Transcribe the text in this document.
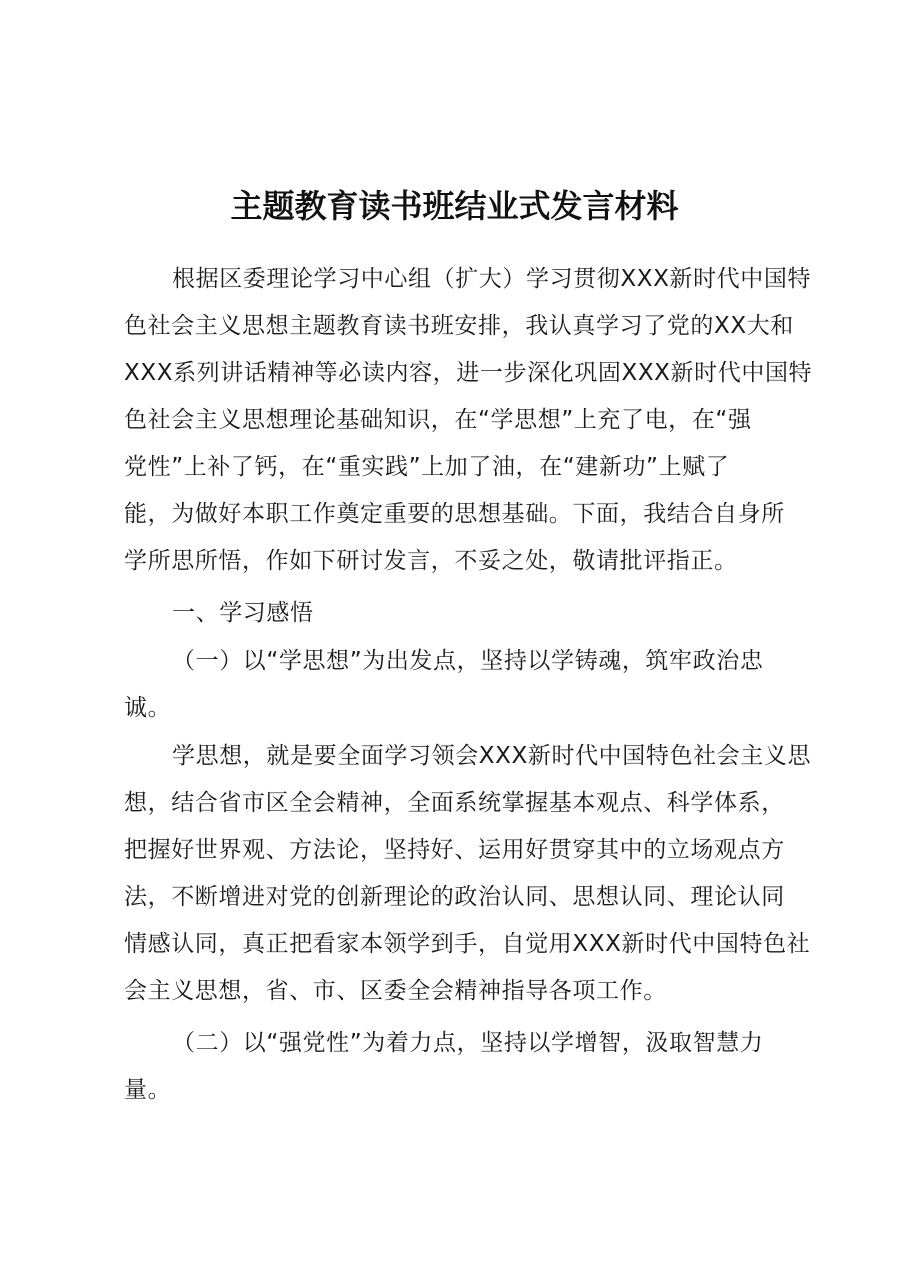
主题教育读书班结业式发言材料
根据区委理论学习中心组（扩大）学习贯彻XXX新时代中国特
色社会主义思想主题教育读书班安排，我认真学习了党的XX大和
XXX系列讲话精神等必读内容，进一步深化巩固XXX新时代中国特
色社会主义思想理论基础知识，在“学思想”上充了电，在“强
党性”上补了钙，在“重实践”上加了油，在“建新功”上赋了
能，为做好本职工作奠定重要的思想基础。下面，我结合自身所
学所思所悟，作如下研讨发言，不妥之处，敬请批评指正。
一、学习感悟
（一）以“学思想”为出发点，坚持以学铸魂，筑牢政治忠
诚。
学思想，就是要全面学习领会XXX新时代中国特色社会主义思
想，结合省市区全会精神，全面系统掌握基本观点、科学体系，
把握好世界观、方法论，坚持好、运用好贯穿其中的立场观点方
法，不断增进对党的创新理论的政治认同、思想认同、理论认同
情感认同，真正把看家本领学到手，自觉用XXX新时代中国特色社
会主义思想，省、市、区委全会精神指导各项工作。
（二）以“强党性”为着力点，坚持以学增智，汲取智慧力
量。
